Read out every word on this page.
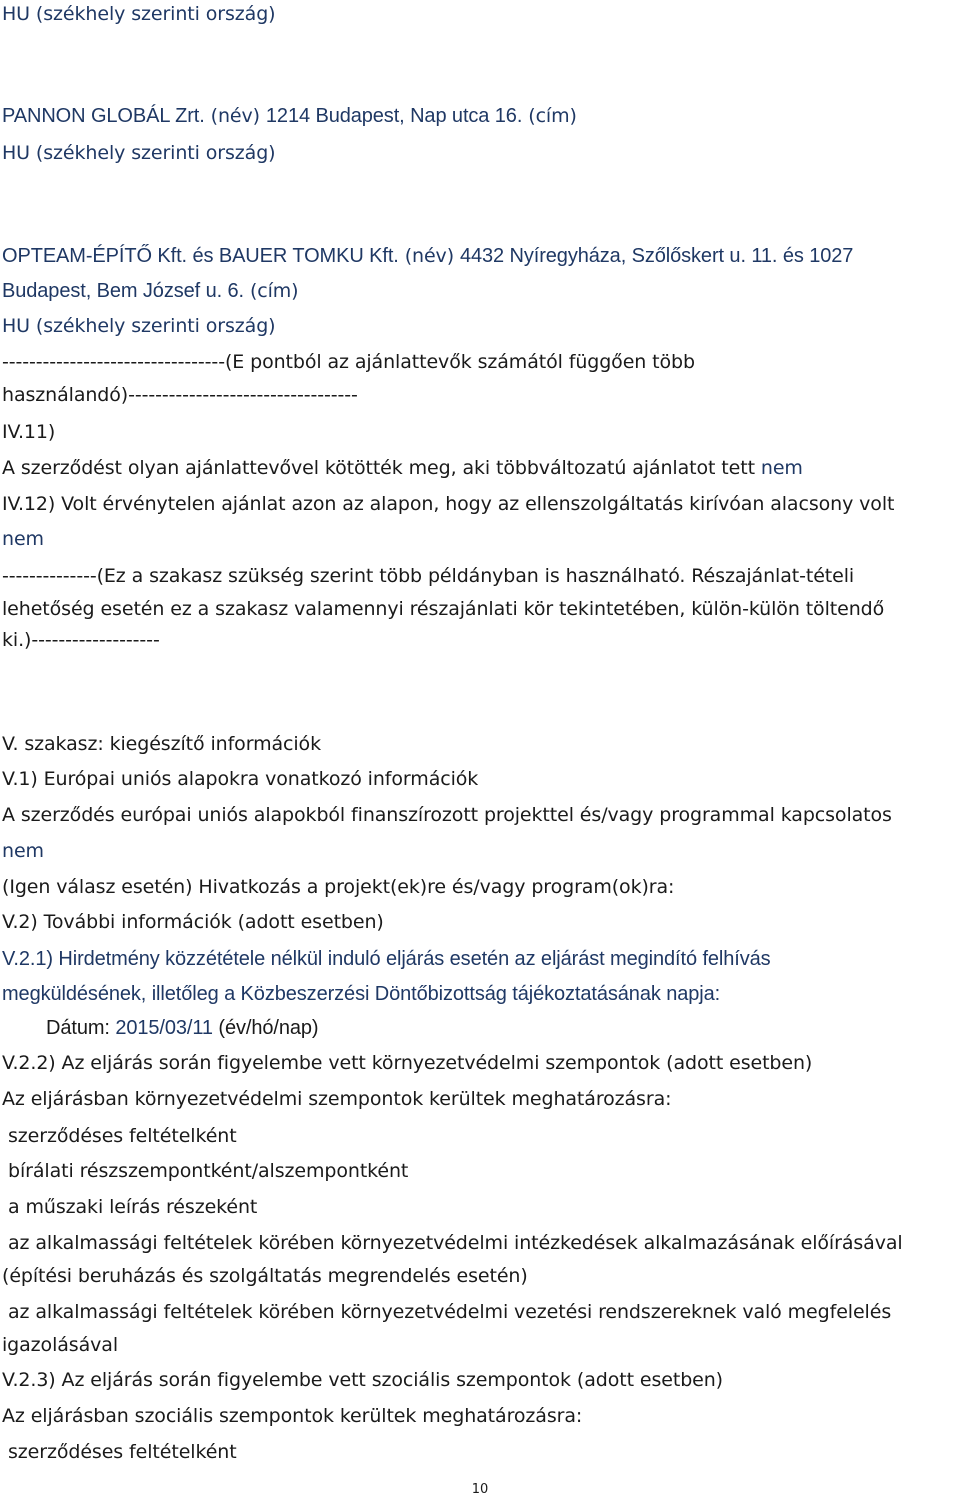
HU (székhely szerinti ország)
PANNON GLOBÁL Zrt. (név) 1214 Budapest, Nap utca 16. (cím)
HU (székhely szerinti ország)
OPTEAM-ÉPÍTŐ Kft. és BAUER TOMKU Kft. (név) 4432 Nyíregyháza, Szőlőskert u. 11. és 1027
Budapest, Bem József u. 6. (cím)
HU (székhely szerinti ország)
---------------------------------(E pontból az ajánlattevők számától függően több
használandó)----------------------------------
IV.11)
A szerződést olyan ajánlattevővel kötötték meg, aki többváltozatú ajánlatot tett nem
IV.12) Volt érvénytelen ajánlat azon az alapon, hogy az ellenszolgáltatás kirívóan alacsony volt
nem
--------------(Ez a szakasz szükség szerint több példányban is használható. Részajánlat-tételi
lehetőség esetén ez a szakasz valamennyi részajánlati kör tekintetében, külön-külön töltendő
ki.)-------------------
V. szakasz: kiegészítő információk
V.1) Európai uniós alapokra vonatkozó információk
A szerződés európai uniós alapokból finanszírozott projekttel és/vagy programmal kapcsolatos
nem
(Igen válasz esetén) Hivatkozás a projekt(ek)re és/vagy program(ok)ra:
V.2) További információk (adott esetben)
V.2.1) Hirdetmény közzététele nélkül induló eljárás esetén az eljárást megindító felhívás
megküldésének, illetőleg a Közbeszerzési Döntőbizottság tájékoztatásának napja:
Dátum: 2015/03/11 (év/hó/nap)
V.2.2) Az eljárás során figyelembe vett környezetvédelmi szempontok (adott esetben)
Az eljárásban környezetvédelmi szempontok kerültek meghatározásra:
szerződéses feltételként
bírálati részszempontként/alszempontként
a műszaki leírás részeként
az alkalmassági feltételek körében környezetvédelmi intézkedések alkalmazásának előírásával
(építési beruházás és szolgáltatás megrendelés esetén)
az alkalmassági feltételek körében környezetvédelmi vezetési rendszereknek való megfelelés
igazolásával
V.2.3) Az eljárás során figyelembe vett szociális szempontok (adott esetben)
Az eljárásban szociális szempontok kerültek meghatározásra:
szerződéses feltételként
10
